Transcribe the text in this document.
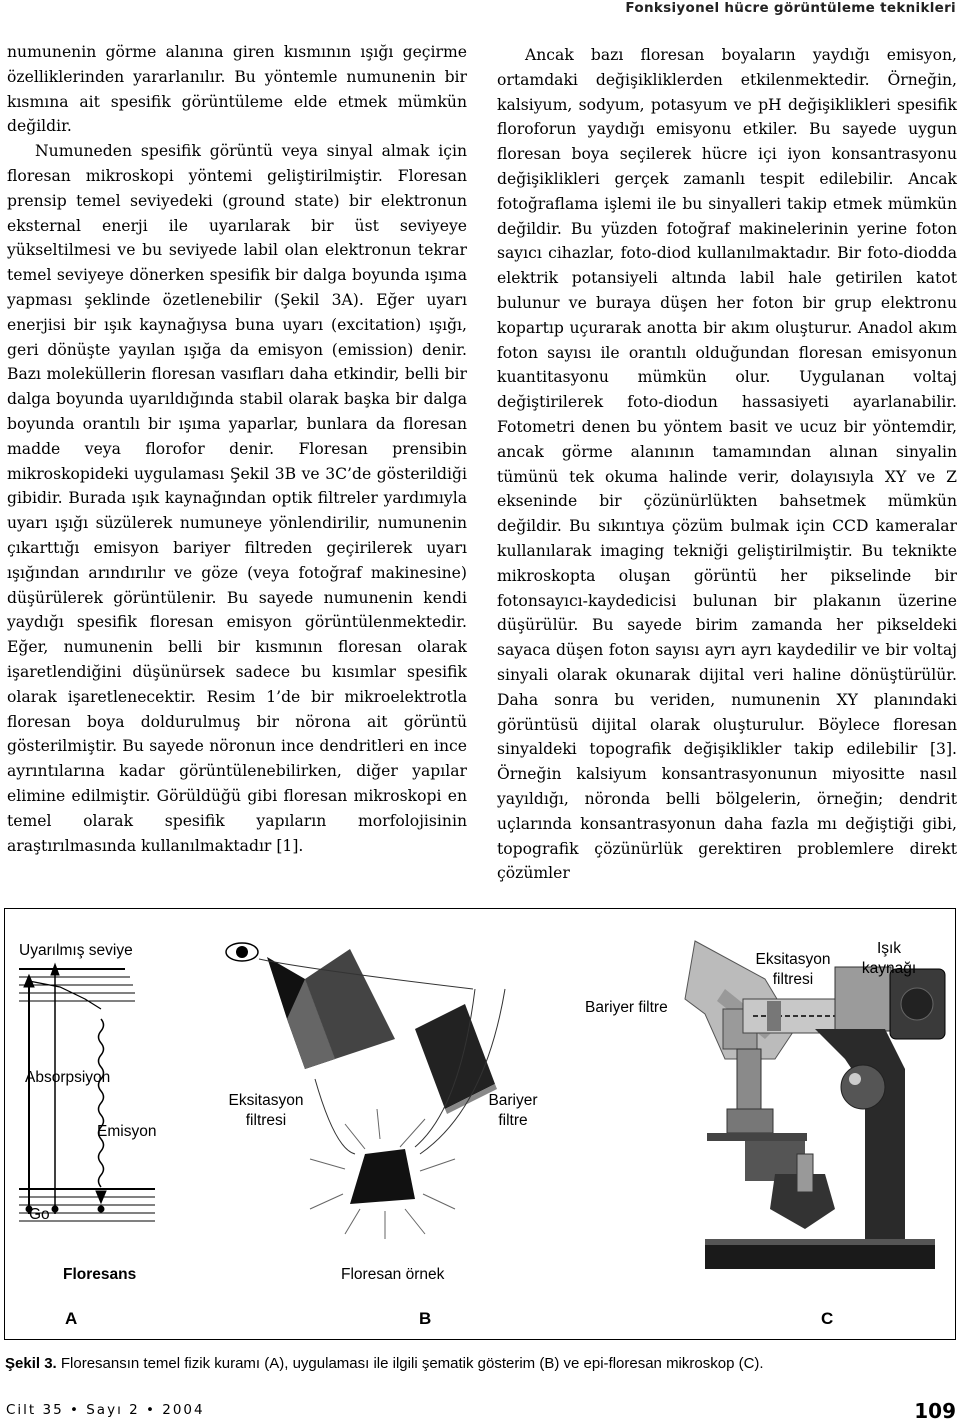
Fonksiyonel hücre görüntüleme teknikleri

numunenin görme alanına giren kısmının ışığı geçirme özelliklerinden yararlanılır. Bu yöntemle numunenin bir kısmına ait spesifik görüntüleme elde etmek mümkün değildir.

Numuneden spesifik görüntü veya sinyal almak için floresan mikroskopi yöntemi geliştirilmiştir. Floresan prensip temel seviyedeki (ground state) bir elektronun eksternal enerji ile uyarılarak bir üst seviyeye yükseltilmesi ve bu seviyede labil olan elektronun tekrar temel seviyeye dönerken spesifik bir dalga boyunda ışıma yapması şeklinde özetlenebilir (Şekil 3A). Eğer uyarı enerjisi bir ışık kaynağıysa buna uyarı (excitation) ışığı, geri dönüşte yayılan ışığa da emisyon (emission) denir. Bazı moleküllerin floresan vasıfları daha etkindir, belli bir dalga boyunda uyarıldığında stabil olarak başka bir dalga boyunda orantılı bir ışıma yaparlar, bunlara da floresan madde veya florofor denir. Floresan prensibin mikroskopideki uygulaması Şekil 3B ve 3C’de gösterildiği gibidir. Burada ışık kaynağından optik filtreler yardımıyla uyarı ışığı süzülerek numuneye yönlendirilir, numunenin çıkarttığı emisyon bariyer filtreden geçirilerek uyarı ışığından arındırılır ve göze (veya fotoğraf makinesine) düşürülerek görüntülenir. Bu sayede numunenin kendi yaydığı spesifik floresan emisyon görüntülenmektedir. Eğer, numunenin belli bir kısmının floresan olarak işaretlendiğini düşünürsek sadece bu kısımlar spesifik olarak işaretlenecektir. Resim 1’de bir mikroelektrotla floresan boya doldurulmuş bir nörona ait görüntü gösterilmiştir. Bu sayede nöronun ince dendritleri en ince ayrıntılarına kadar görüntülenebilirken, diğer yapılar elimine edilmiştir. Görüldüğü gibi floresan mikroskopi en temel olarak spesifik yapıların morfolojisinin araştırılmasında kullanılmaktadır [1].

Ancak bazı floresan boyaların yaydığı emisyon, ortamdaki değişikliklerden etkilenmektedir. Örneğin, kalsiyum, sodyum, potasyum ve pH değişiklikleri spesifik floroforun yaydığı emisyonu etkiler. Bu sayede uygun floresan boya seçilerek hücre içi iyon konsantrasyonu değişiklikleri gerçek zamanlı tespit edilebilir. Ancak fotoğraflama işlemi ile bu sinyalleri takip etmek mümkün değildir. Bu yüzden fotoğraf makinelerinin yerine foton sayıcı cihazlar, foto-diod kullanılmaktadır. Bir foto-diodda elektrik potansiyeli altında labil hale getirilen katot bulunur ve buraya düşen her foton bir grup elektronu kopartıp uçurarak anotta bir akım oluşturur. Anadol akım foton sayısı ile orantılı olduğundan floresan emisyonun kuantitasyonu mümkün olur. Uygulanan voltaj değiştirilerek foto-diodun hassasiyeti ayarlanabilir. Fotometri denen bu yöntem basit ve ucuz bir yöntemdir, ancak görme alanının tamamından alınan sinyalin tümünü tek okuma halinde verir, dolayısıyla XY ve Z ekseninde bir çözünürlükten bahsetmek mümkün değildir. Bu sıkıntıya çözüm bulmak için CCD kameralar kullanılarak imaging tekniği geliştirilmiştir. Bu teknikte mikroskopta oluşan görüntü her pikselinde bir fotonsayıcı-kaydedicisi bulunan bir plakanın üzerine düşürülür. Bu sayede birim zamanda her pikseldeki sayaca düşen foton sayısı ayrı ayrı kaydedilir ve bir voltaj sinyali olarak okunarak dijital veri haline dönüştürülür. Daha sonra bu veriden, numunenin XY planındaki görüntüsü dijital olarak oluşturulur. Böylece floresan sinyaldeki topografik değişiklikler takip edilebilir [3]. Örneğin kalsiyum konsantrasyonunun miyositte nasıl yayıldığı, nöronda belli bölgelerin, örneğin; dendrit uçlarında konsantrasyonun daha fazla mı değiştiği gibi, topografik çözünürlük gerektiren problemlere direkt çözümler

Uyarılmış seviye
Absorpsiyon
Emisyon
Go
Floresans
Eksitasyon filtresi
Bariyer filtre
Floresan örnek
Işık kaynağı
Eksitasyon filtresi
Bariyer filtre
A	B	C
Şekil 3. Floresansın temel fizik kuramı (A), uygulaması ile ilgili şematik gösterim (B) ve epi-floresan mikroskop (C).
Cilt 35 • Sayı 2 • 2004	109
